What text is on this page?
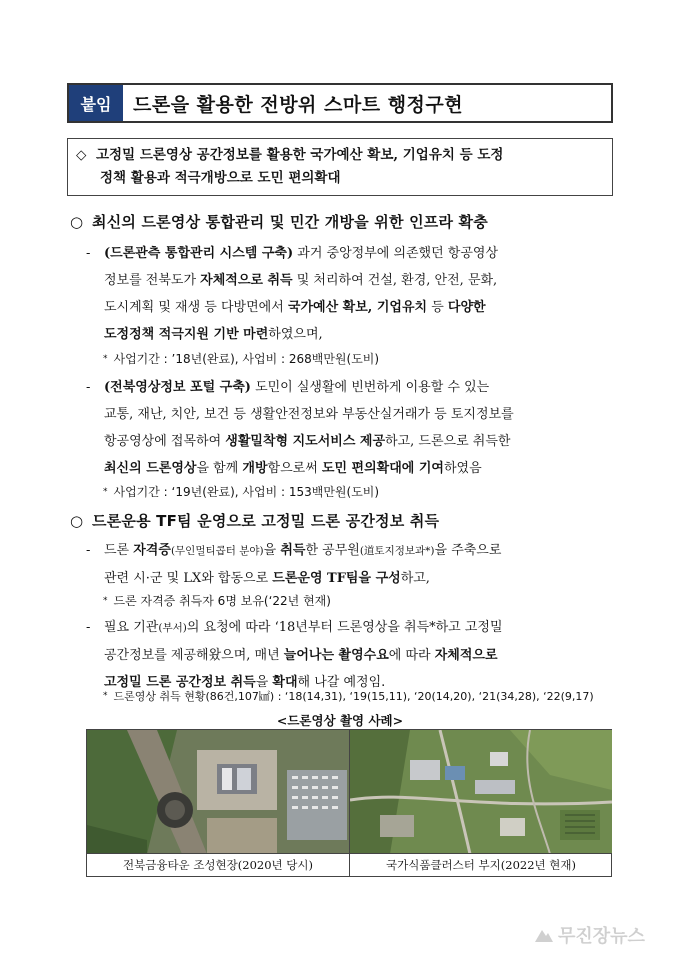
붙임	드론을 활용한 전방위 스마트 행정구현
◇ 고정밀 드론영상 공간정보를 활용한 국가예산 확보, 기업유치 등 도정
정책 활용과 적극개방으로 도민 편의확대
○ 최신의 드론영상 통합관리 및 민간 개방을 위한 인프라 확충
-	(드론관측 통합관리 시스템 구축) 과거 중앙정부에 의존했던 항공영상
정보를 전북도가 자체적으로 취득 및 처리하여 건설, 환경, 안전, 문화,
도시계획 및 재생 등 다방면에서 국가예산 확보, 기업유치 등 다양한
도정정책 적극지원 기반 마련하였으며,
* 사업기간 : ’18년(완료), 사업비 : 268백만원(도비)
-	(전북영상정보 포털 구축) 도민이 실생활에 빈번하게 이용할 수 있는
교통, 재난, 치안, 보건 등 생활안전정보와 부동산실거래가 등 토지정보를
항공영상에 접목하여 생활밀착형 지도서비스 제공하고, 드론으로 취득한
최신의 드론영상을 함께 개방함으로써 도민 편의확대에 기여하였음
* 사업기간 : ‘19년(완료), 사업비 : 153백만원(도비)
○ 드론운용 TF팀 운영으로 고정밀 드론 공간정보 취득
-	드론 자격증(무인멀티콥터 분야)을 취득한 공무원(道토지정보과*)을 주축으로
관련 시·군 및 LX와 합동으로 드론운영 TF팀을 구성하고,
* 드론 자격증 취득자 6명 보유(‘22년 현재)
-	필요 기관(부서)의 요청에 따라 ‘18년부터 드론영상을 취득*하고 고정밀
공간정보를 제공해왔으며, 매년 늘어나는 촬영수요에 따라 자체적으로
고정밀 드론 공간정보 취득을 확대해 나갈 예정임.
* 드론영상 취득 현황(86건,107㎢) : ‘18(14,31), ‘19(15,11), ‘20(14,20), ‘21(34,28), ‘22(9,17)
<드론영상 촬영 사례>
전북금융타운 조성현장(2020년 당시)	국가식품클러스터 부지(2022년 현재)
무진장뉴스
